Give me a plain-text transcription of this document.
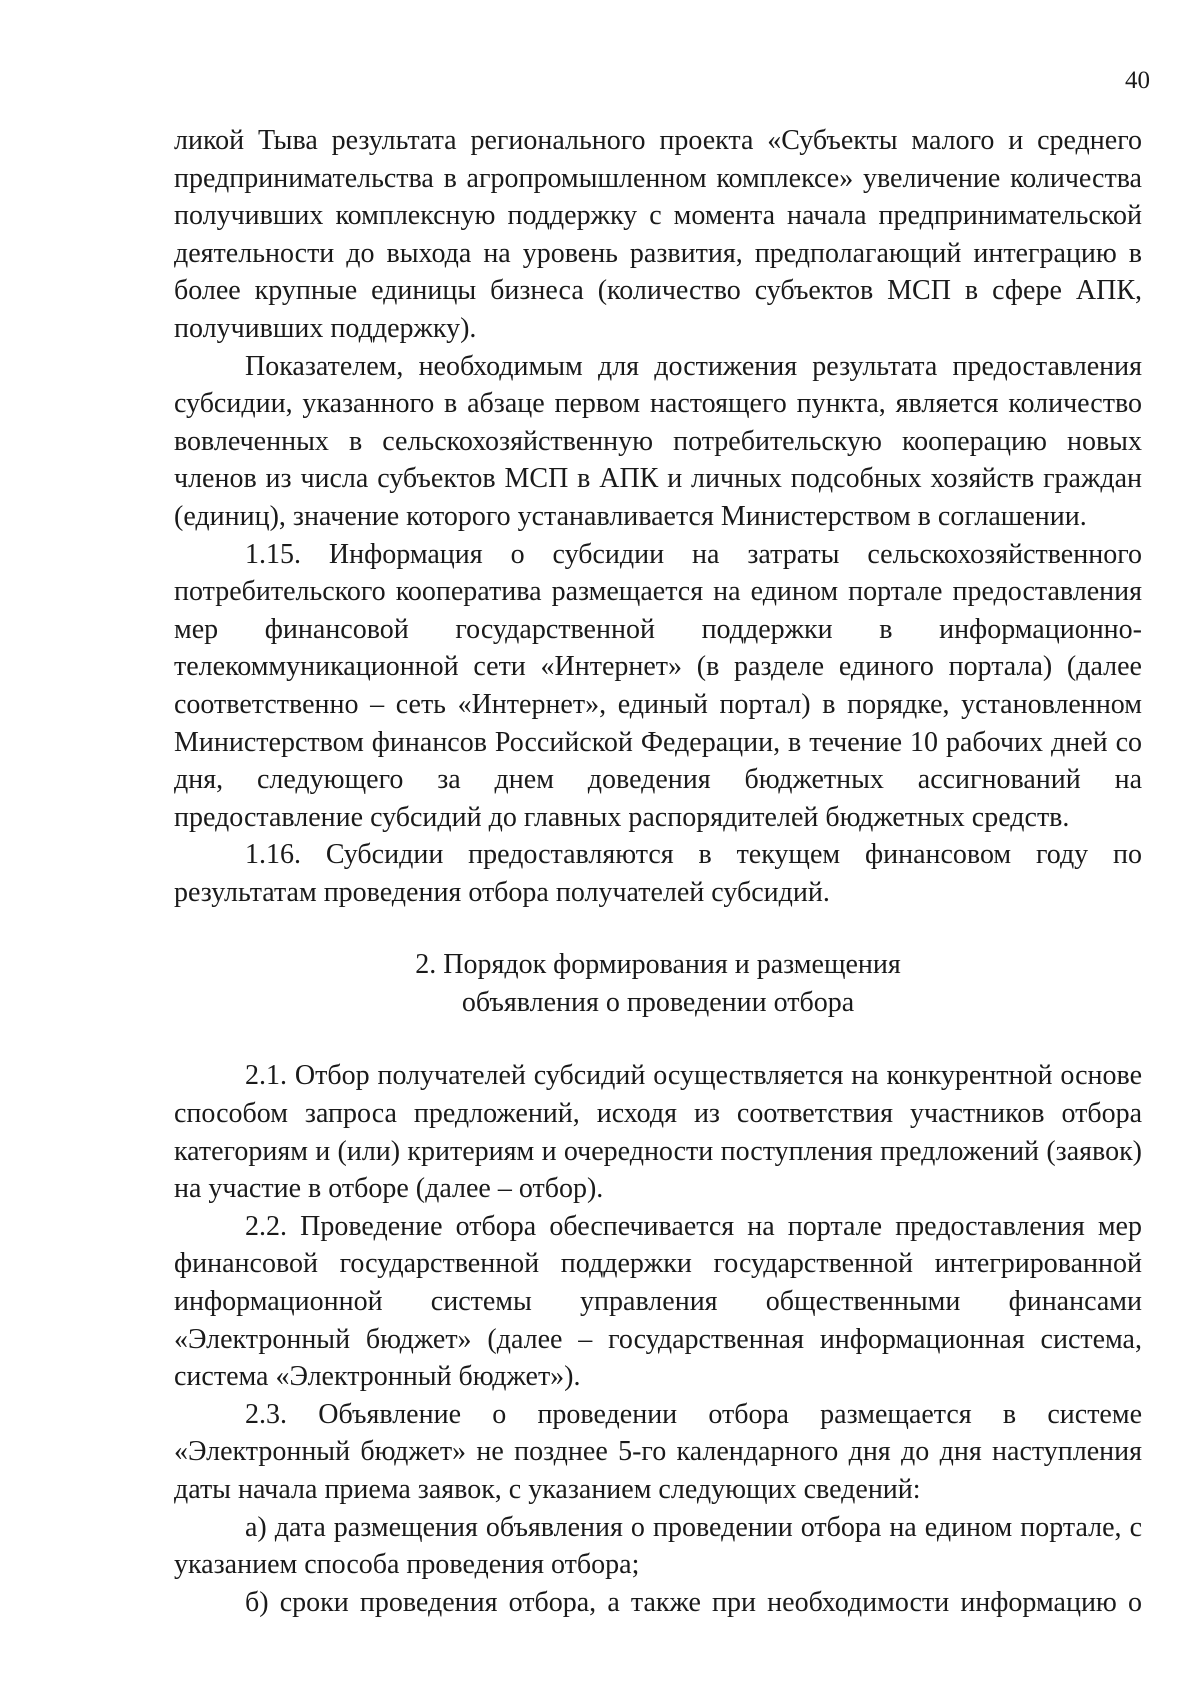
40

ликой Тыва результата регионального проекта «Субъекты малого и среднего предпринимательства в агропромышленном комплексе» увеличение количества получивших комплексную поддержку с момента начала предпринимательской деятельности до выхода на уровень развития, предполагающий интеграцию в более крупные единицы бизнеса (количество субъектов МСП в сфере АПК, получивших поддержку).

Показателем, необходимым для достижения результата предоставления субсидии, указанного в абзаце первом настоящего пункта, является количество вовлеченных в сельскохозяйственную потребительскую кооперацию новых членов из числа субъектов МСП в АПК и личных подсобных хозяйств граждан (единиц), значение которого устанавливается Министерством в соглашении.

1.15. Информация о субсидии на затраты сельскохозяйственного потребительского кооператива размещается на едином портале предоставления мер финансовой государственной поддержки в информационно-телекоммуникационной сети «Интернет» (в разделе единого портала) (далее соответственно – сеть «Интернет», единый портал) в порядке, установленном Министерством финансов Российской Федерации, в течение 10 рабочих дней со дня, следующего за днем доведения бюджетных ассигнований на предоставление субсидий до главных распорядителей бюджетных средств.

1.16. Субсидии предоставляются в текущем финансовом году по результатам проведения отбора получателей субсидий.

2. Порядок формирования и размещения
объявления о проведении отбора

2.1. Отбор получателей субсидий осуществляется на конкурентной основе способом запроса предложений, исходя из соответствия участников отбора категориям и (или) критериям и очередности поступления предложений (заявок) на участие в отборе (далее – отбор).

2.2. Проведение отбора обеспечивается на портале предоставления мер финансовой государственной поддержки государственной интегрированной информационной системы управления общественными финансами «Электронный бюджет» (далее – государственная информационная система, система «Электронный бюджет»).

2.3. Объявление о проведении отбора размещается в системе «Электронный бюджет» не позднее 5-го календарного дня до дня наступления даты начала приема заявок, с указанием следующих сведений:

а) дата размещения объявления о проведении отбора на едином портале, с указанием способа проведения отбора;

б) сроки проведения отбора, а также при необходимости информацию о
